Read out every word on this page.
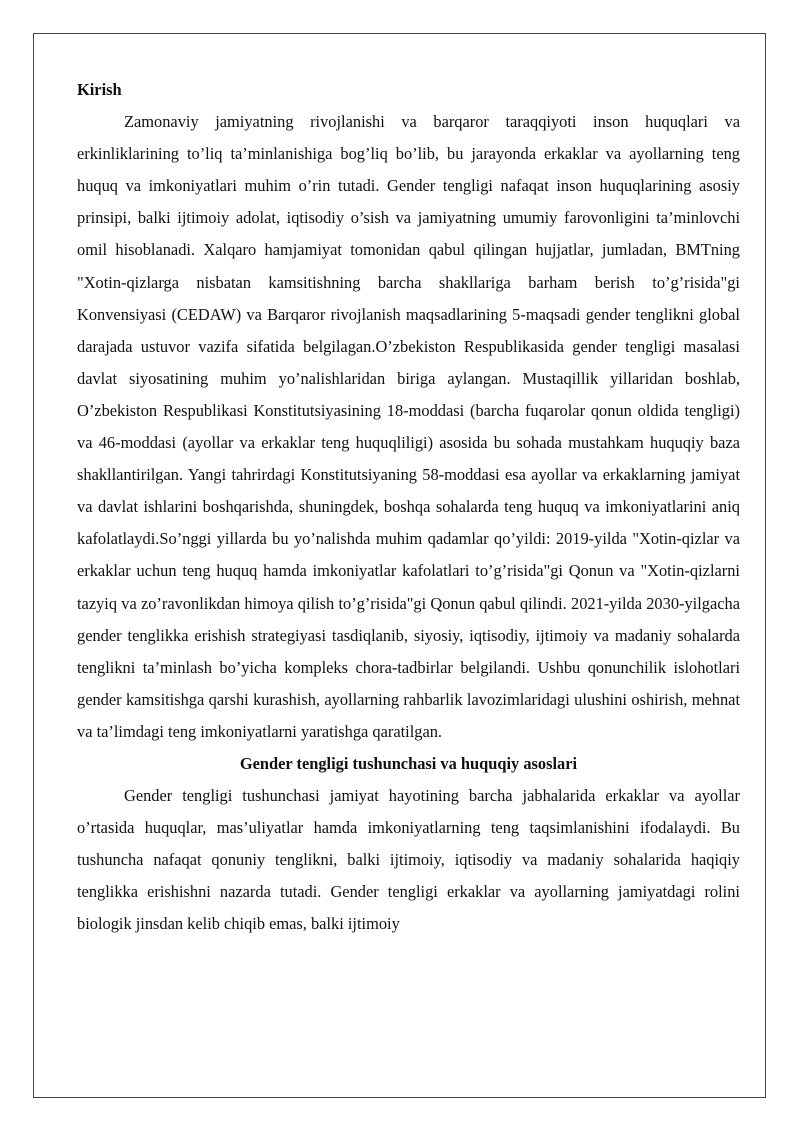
Kirish

Zamonaviy jamiyatning rivojlanishi va barqaror taraqqiyoti inson huquqlari va erkinliklarining to’liq ta’minlanishiga bog’liq bo’lib, bu jarayonda erkaklar va ayollarning teng huquq va imkoniyatlari muhim o’rin tutadi. Gender tengligi nafaqat inson huquqlarining asosiy prinsipi, balki ijtimoiy adolat, iqtisodiy o’sish va jamiyatning umumiy farovonligini ta’minlovchi omil hisoblanadi. Xalqaro hamjamiyat tomonidan qabul qilingan hujjatlar, jumladan, BMTning "Xotin-qizlarga nisbatan kamsitishning barcha shakllariga barham berish to’g’risida"gi Konvensiyasi (CEDAW) va Barqaror rivojlanish maqsadlarining 5-maqsadi gender tenglikni global darajada ustuvor vazifa sifatida belgilagan.O’zbekiston Respublikasida gender tengligi masalasi davlat siyosatining muhim yo’nalishlaridan biriga aylangan. Mustaqillik yillaridan boshlab, O’zbekiston Respublikasi Konstitutsiyasining 18-moddasi (barcha fuqarolar qonun oldida tengligi) va 46-moddasi (ayollar va erkaklar teng huquqliligi) asosida bu sohada mustahkam huquqiy baza shakllantirilgan. Yangi tahrirdagi Konstitutsiyaning 58-moddasi esa ayollar va erkaklarning jamiyat va davlat ishlarini boshqarishda, shuningdek, boshqa sohalarda teng huquq va imkoniyatlarini aniq kafolatlaydi.So’nggi yillarda bu yo’nalishda muhim qadamlar qo’yildi: 2019-yilda "Xotin-qizlar va erkaklar uchun teng huquq hamda imkoniyatlar kafolatlari to’g’risida"gi Qonun va "Xotin-qizlarni tazyiq va zo’ravonlikdan himoya qilish to’g’risida"gi Qonun qabul qilindi. 2021-yilda 2030-yilgacha gender tenglikka erishish strategiyasi tasdiqlanib, siyosiy, iqtisodiy, ijtimoiy va madaniy sohalarda tenglikni ta’minlash bo’yicha kompleks chora-tadbirlar belgilandi. Ushbu qonunchilik islohotlari gender kamsitishga qarshi kurashish, ayollarning rahbarlik lavozimlaridagi ulushini oshirish, mehnat va ta’limdagi teng imkoniyatlarni yaratishga qaratilgan.

Gender tengligi tushunchasi va huquqiy asoslari

Gender tengligi tushunchasi jamiyat hayotining barcha jabhalarida erkaklar va ayollar o’rtasida huquqlar, mas’uliyatlar hamda imkoniyatlarning teng taqsimlanishini ifodalaydi. Bu tushuncha nafaqat qonuniy tenglikni, balki ijtimoiy, iqtisodiy va madaniy sohalarida haqiqiy tenglikka erishishni nazarda tutadi. Gender tengligi erkaklar va ayollarning jamiyatdagi rolini biologik jinsdan kelib chiqib emas, balki ijtimoiy
